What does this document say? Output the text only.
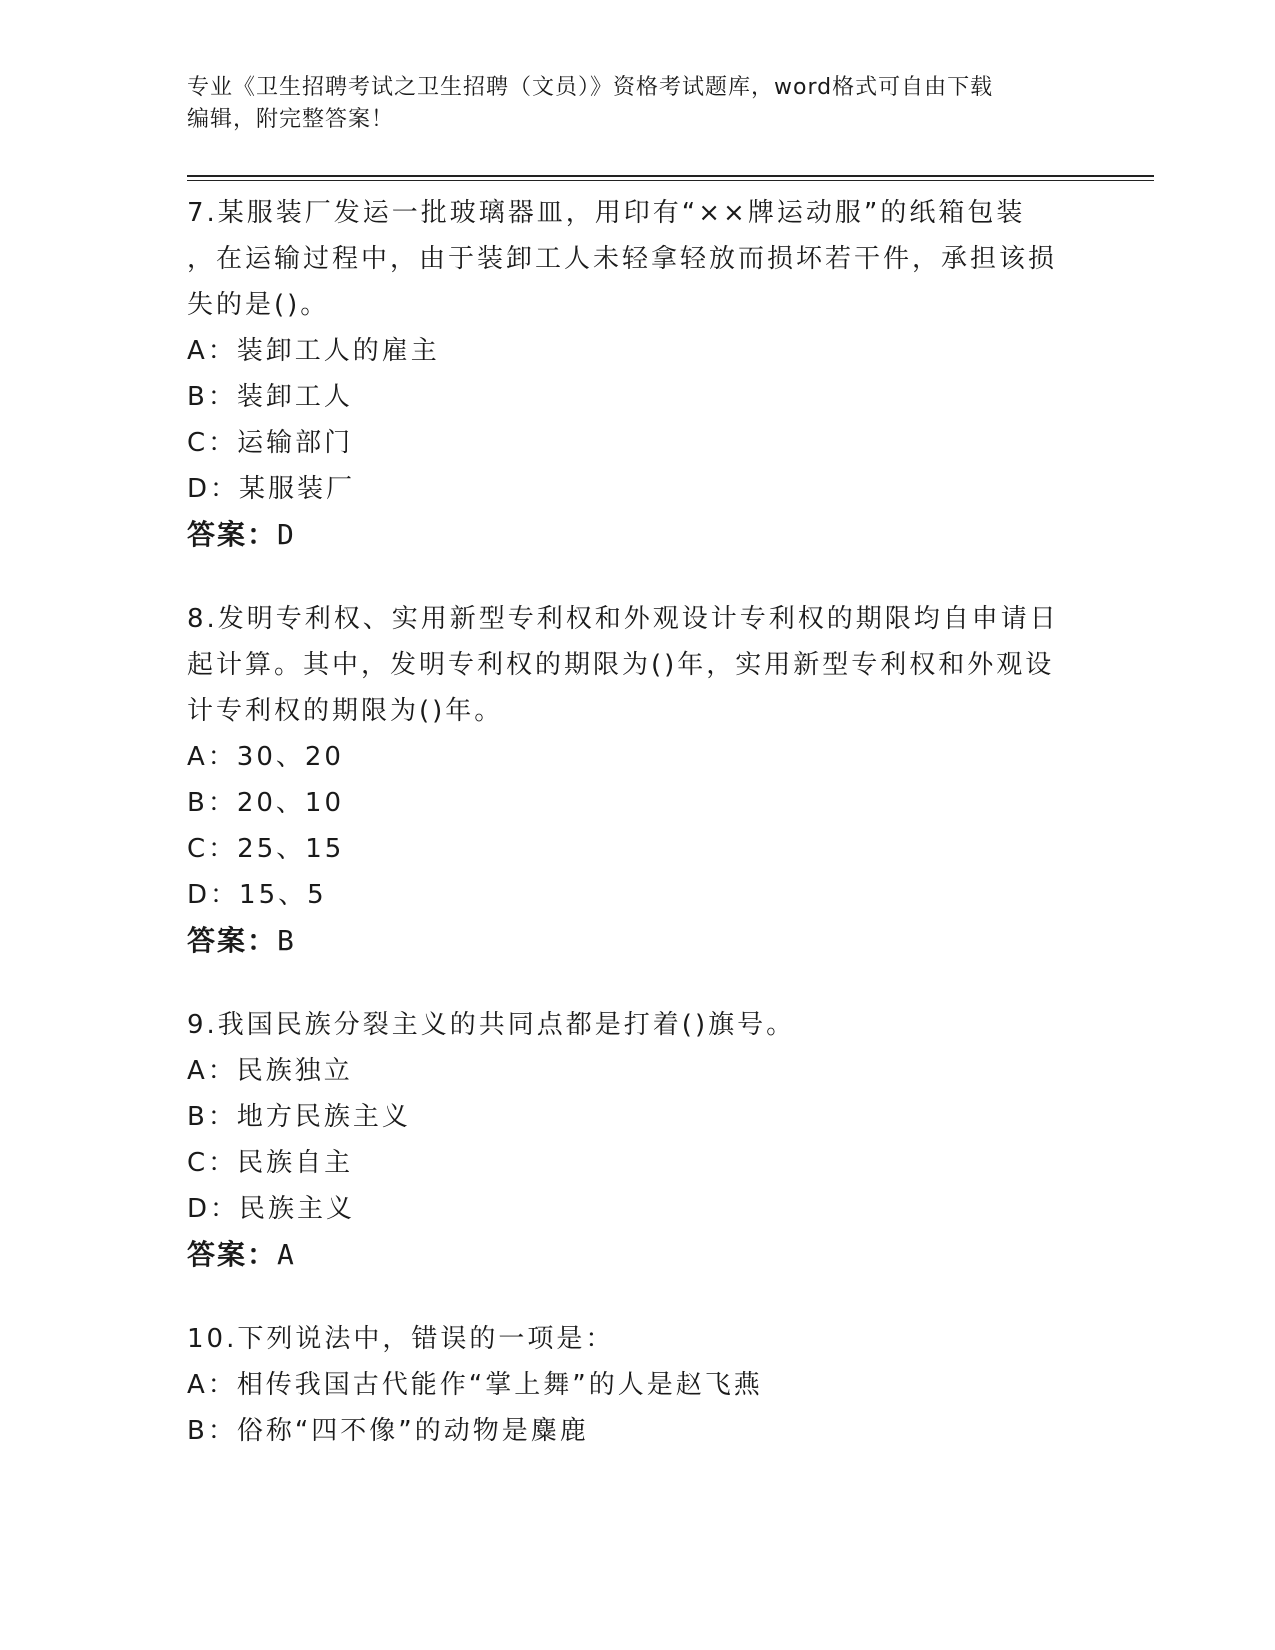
专业《卫生招聘考试之卫生招聘（文员）》资格考试题库，word格式可自由下载
编辑，附完整答案！

7.某服装厂发运一批玻璃器皿，用印有“××牌运动服”的纸箱包装

，在运输过程中，由于装卸工人未轻拿轻放而损坏若干件，承担该损

失的是()。

A：装卸工人的雇主

B：装卸工人

C：运输部门

D：某服装厂

答案：D

8.发明专利权、实用新型专利权和外观设计专利权的期限均自申请日

起计算。其中，发明专利权的期限为()年，实用新型专利权和外观设

计专利权的期限为()年。

A：30、20

B：20、10

C：25、15

D：15、5

答案：B

9.我国民族分裂主义的共同点都是打着()旗号。

A：民族独立

B：地方民族主义

C：民族自主

D：民族主义

答案：A

10.下列说法中，错误的一项是：

A：相传我国古代能作“掌上舞”的人是赵飞燕

B：俗称“四不像”的动物是麋鹿
